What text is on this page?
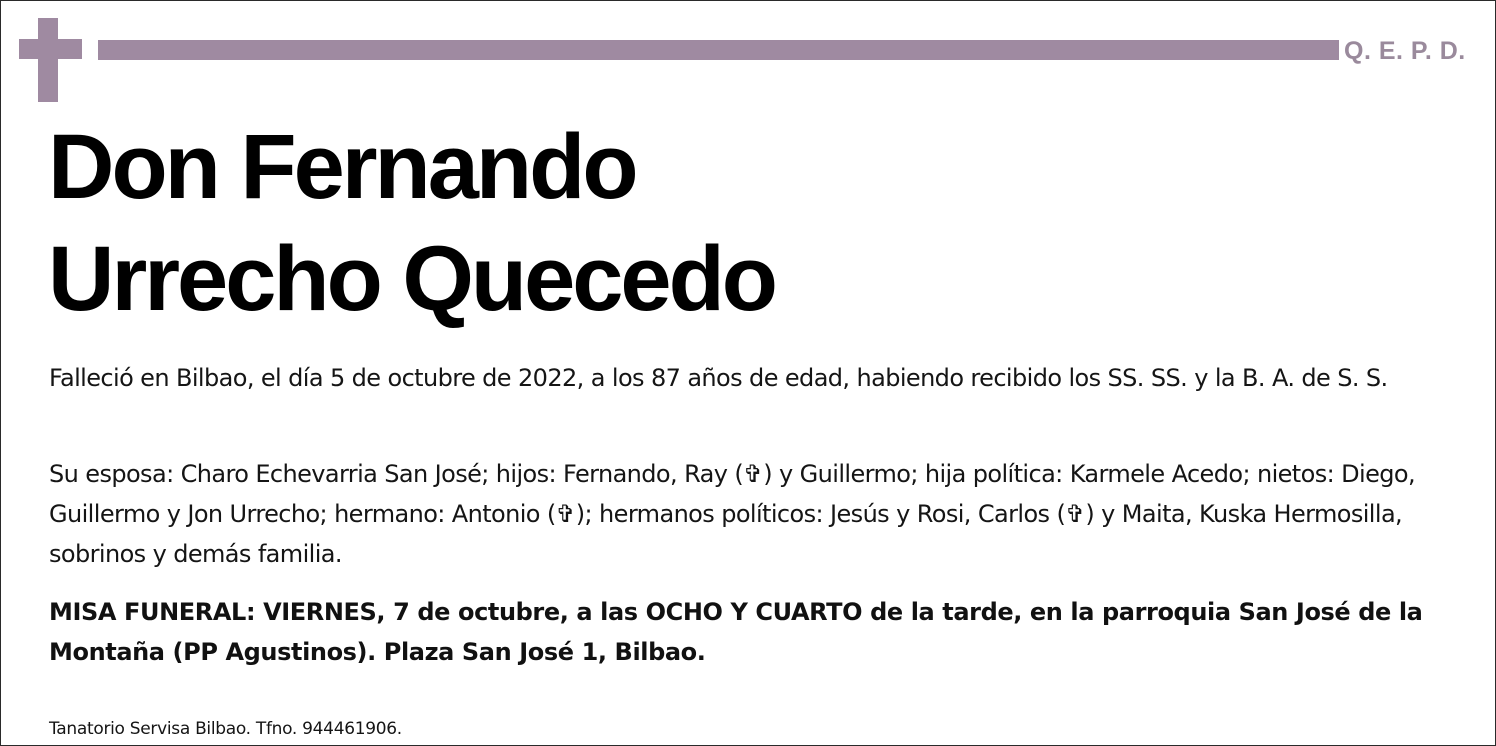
Q. E. P. D.
Don Fernando
Urrecho Quecedo

Falleció en Bilbao, el día 5 de octubre de 2022, a los 87 años de edad, habiendo recibido los SS. SS. y la B. A. de S. S.

Su esposa: Charo Echevarria San José; hijos: Fernando, Ray (✞) y Guillermo; hija política: Karmele Acedo; nietos: Diego, Guillermo y Jon Urrecho; hermano: Antonio (✞); hermanos políticos: Jesús y Rosi, Carlos (✞) y Maita, Kuska Hermosilla, sobrinos y demás familia.

MISA FUNERAL: VIERNES, 7 de octubre, a las OCHO Y CUARTO de la tarde, en la parroquia San José de la Montaña (PP Agustinos). Plaza San José 1, Bilbao.

Tanatorio Servisa Bilbao. Tfno. 944461906.
